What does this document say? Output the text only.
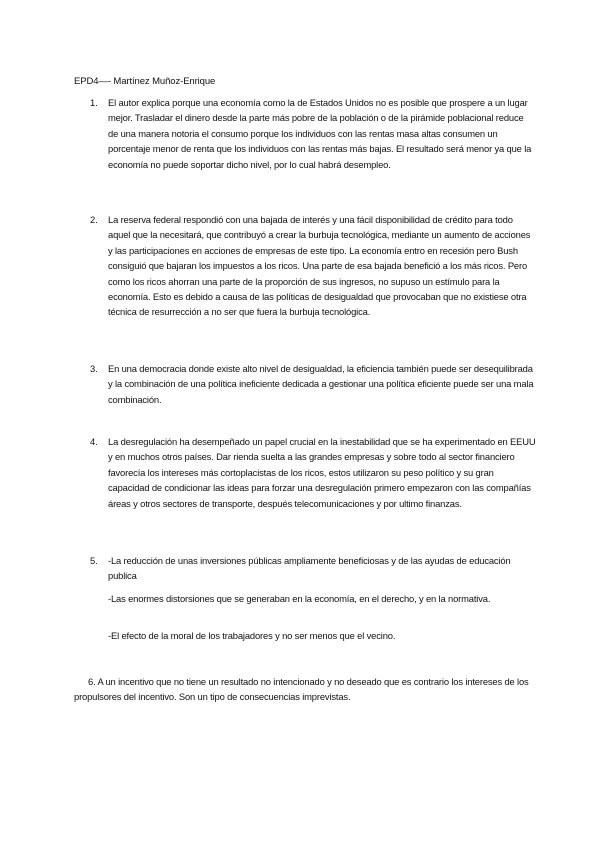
EPD4—- Martínez Muñoz-Enrique
1.	El autor explica porque una economía como la de Estados Unidos no es posible que prospere a un lugar mejor. Trasladar el dinero desde la parte más pobre de la población o de la pirámide poblacional reduce de una manera notoria el consumo porque los individuos con las rentas masa altas consumen un porcentaje menor de renta que los individuos con las rentas más bajas. El resultado será menor ya que la economía no puede soportar dicho nivel, por lo cual habrá desempleo.
2.	La reserva federal respondió con una bajada de interés y una fácil disponibilidad de crédito para todo aquel que la necesitará, que contribuyó a crear la burbuja tecnológica, mediante un aumento de acciones y las participaciones en acciones de empresas de este tipo. La economía entro en recesión pero Bush consiguió que bajaran los impuestos a los ricos. Una parte de esa bajada benefició a los más ricos. Pero como los ricos ahorran una parte de la proporción de sus ingresos, no supuso un estímulo para la economía. Esto es debido a causa de las políticas de desigualdad que provocaban que no existiese otra técnica de resurrección a no ser que fuera la burbuja tecnológica.
3.	En una democracia donde existe alto nivel de desigualdad, la eficiencia también puede ser desequilibrada y la combinación de una política ineficiente dedicada a gestionar una política eficiente puede ser una mala combinación.
4.	La desregulación ha desempeñado un papel crucial en la inestabilidad que se ha experimentado en EEUU y en muchos otros países. Dar rienda suelta a las grandes empresas y sobre todo al sector financiero favorecía los intereses más cortoplacistas de los ricos, estos utilizaron su peso político y su gran capacidad de condicionar las ideas para forzar una desregulación primero empezaron con las compañías áreas y otros sectores de transporte, después telecomunicaciones y por ultimo finanzas.
5.	-La reducción de unas inversiones públicas ampliamente beneficiosas y de las ayudas de educación publica
-Las enormes distorsiones que se generaban en la economía, en el derecho, y en la normativa.
-El efecto de la moral de los trabajadores y no ser menos que el vecino.
6. A un incentivo que no tiene un resultado no intencionado y no deseado que es contrario los intereses de los propulsores del incentivo. Son un tipo de consecuencias imprevistas.
